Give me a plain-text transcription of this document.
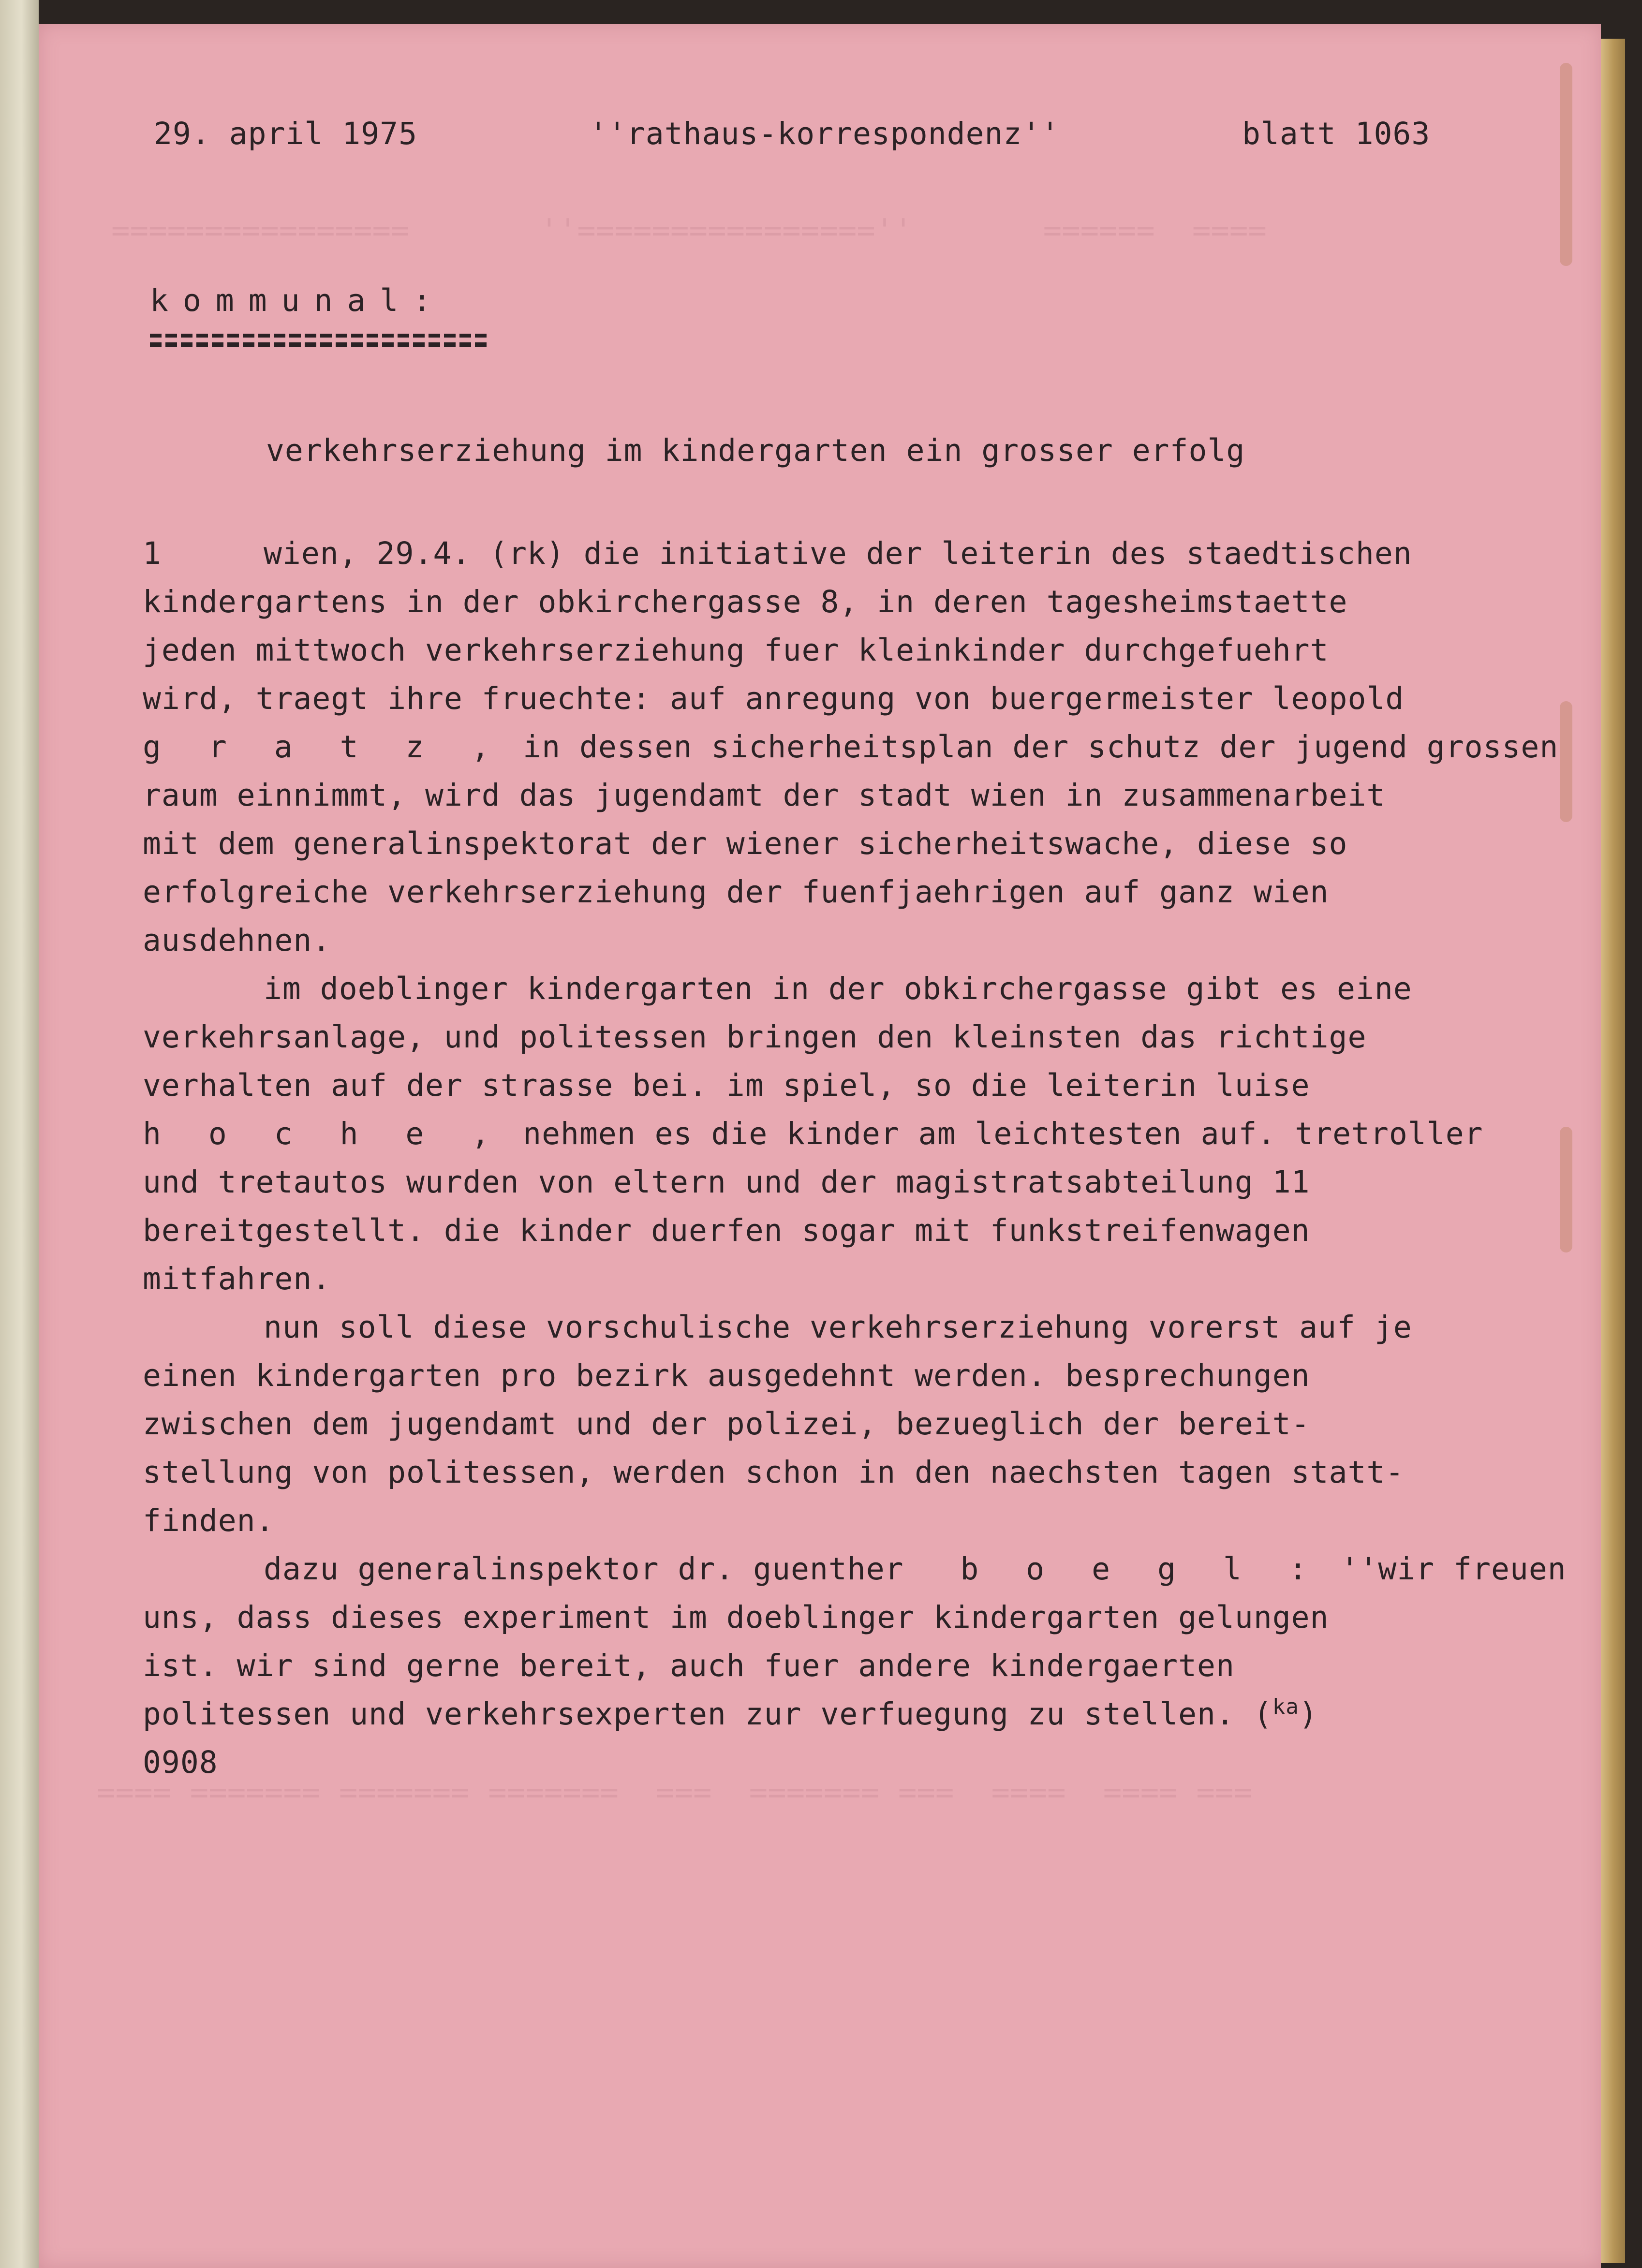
================       ''================''       ======  ====
==== ======= ======= =======  ===  ======= ===  ====  ==== ===
29. april 1975	''rathaus-korrespondenz''	blatt 1063
kommunal:
verkehrserziehung im kindergarten ein grosser erfolg
1	wien, 29.4. (rk) die initiative der leiterin des staedtischen
kindergartens in der obkirchergasse 8, in deren tagesheimstaette
jeden mittwoch verkehrserziehung fuer kleinkinder durchgefuehrt
wird, traegt ihre fruechte: auf anregung von buergermeister leopold
g r a t z , in dessen sicherheitsplan der schutz der jugend grossen
raum einnimmt, wird das jugendamt der stadt wien in zusammenarbeit
mit dem generalinspektorat der wiener sicherheitswache, diese so
erfolgreiche verkehrserziehung der fuenfjaehrigen auf ganz wien
ausdehnen.
im doeblinger kindergarten in der obkirchergasse gibt es eine
verkehrsanlage, und politessen bringen den kleinsten das richtige
verhalten auf der strasse bei. im spiel, so die leiterin luise
h o c h e , nehmen es die kinder am leichtesten auf. tretroller
und tretautos wurden von eltern und der magistratsabteilung 11
bereitgestellt. die kinder duerfen sogar mit funkstreifenwagen
mitfahren.
nun soll diese vorschulische verkehrserziehung vorerst auf je
einen kindergarten pro bezirk ausgedehnt werden. besprechungen
zwischen dem jugendamt und der polizei, bezueglich der bereit-
stellung von politessen, werden schon in den naechsten tagen statt-
finden.
dazu generalinspektor dr. guenther b o e g l : ''wir freuen
uns, dass dieses experiment im doeblinger kindergarten gelungen
ist. wir sind gerne bereit, auch fuer andere kindergaerten
politessen und verkehrsexperten zur verfuegung zu stellen. ($^{ka}$)
0908
